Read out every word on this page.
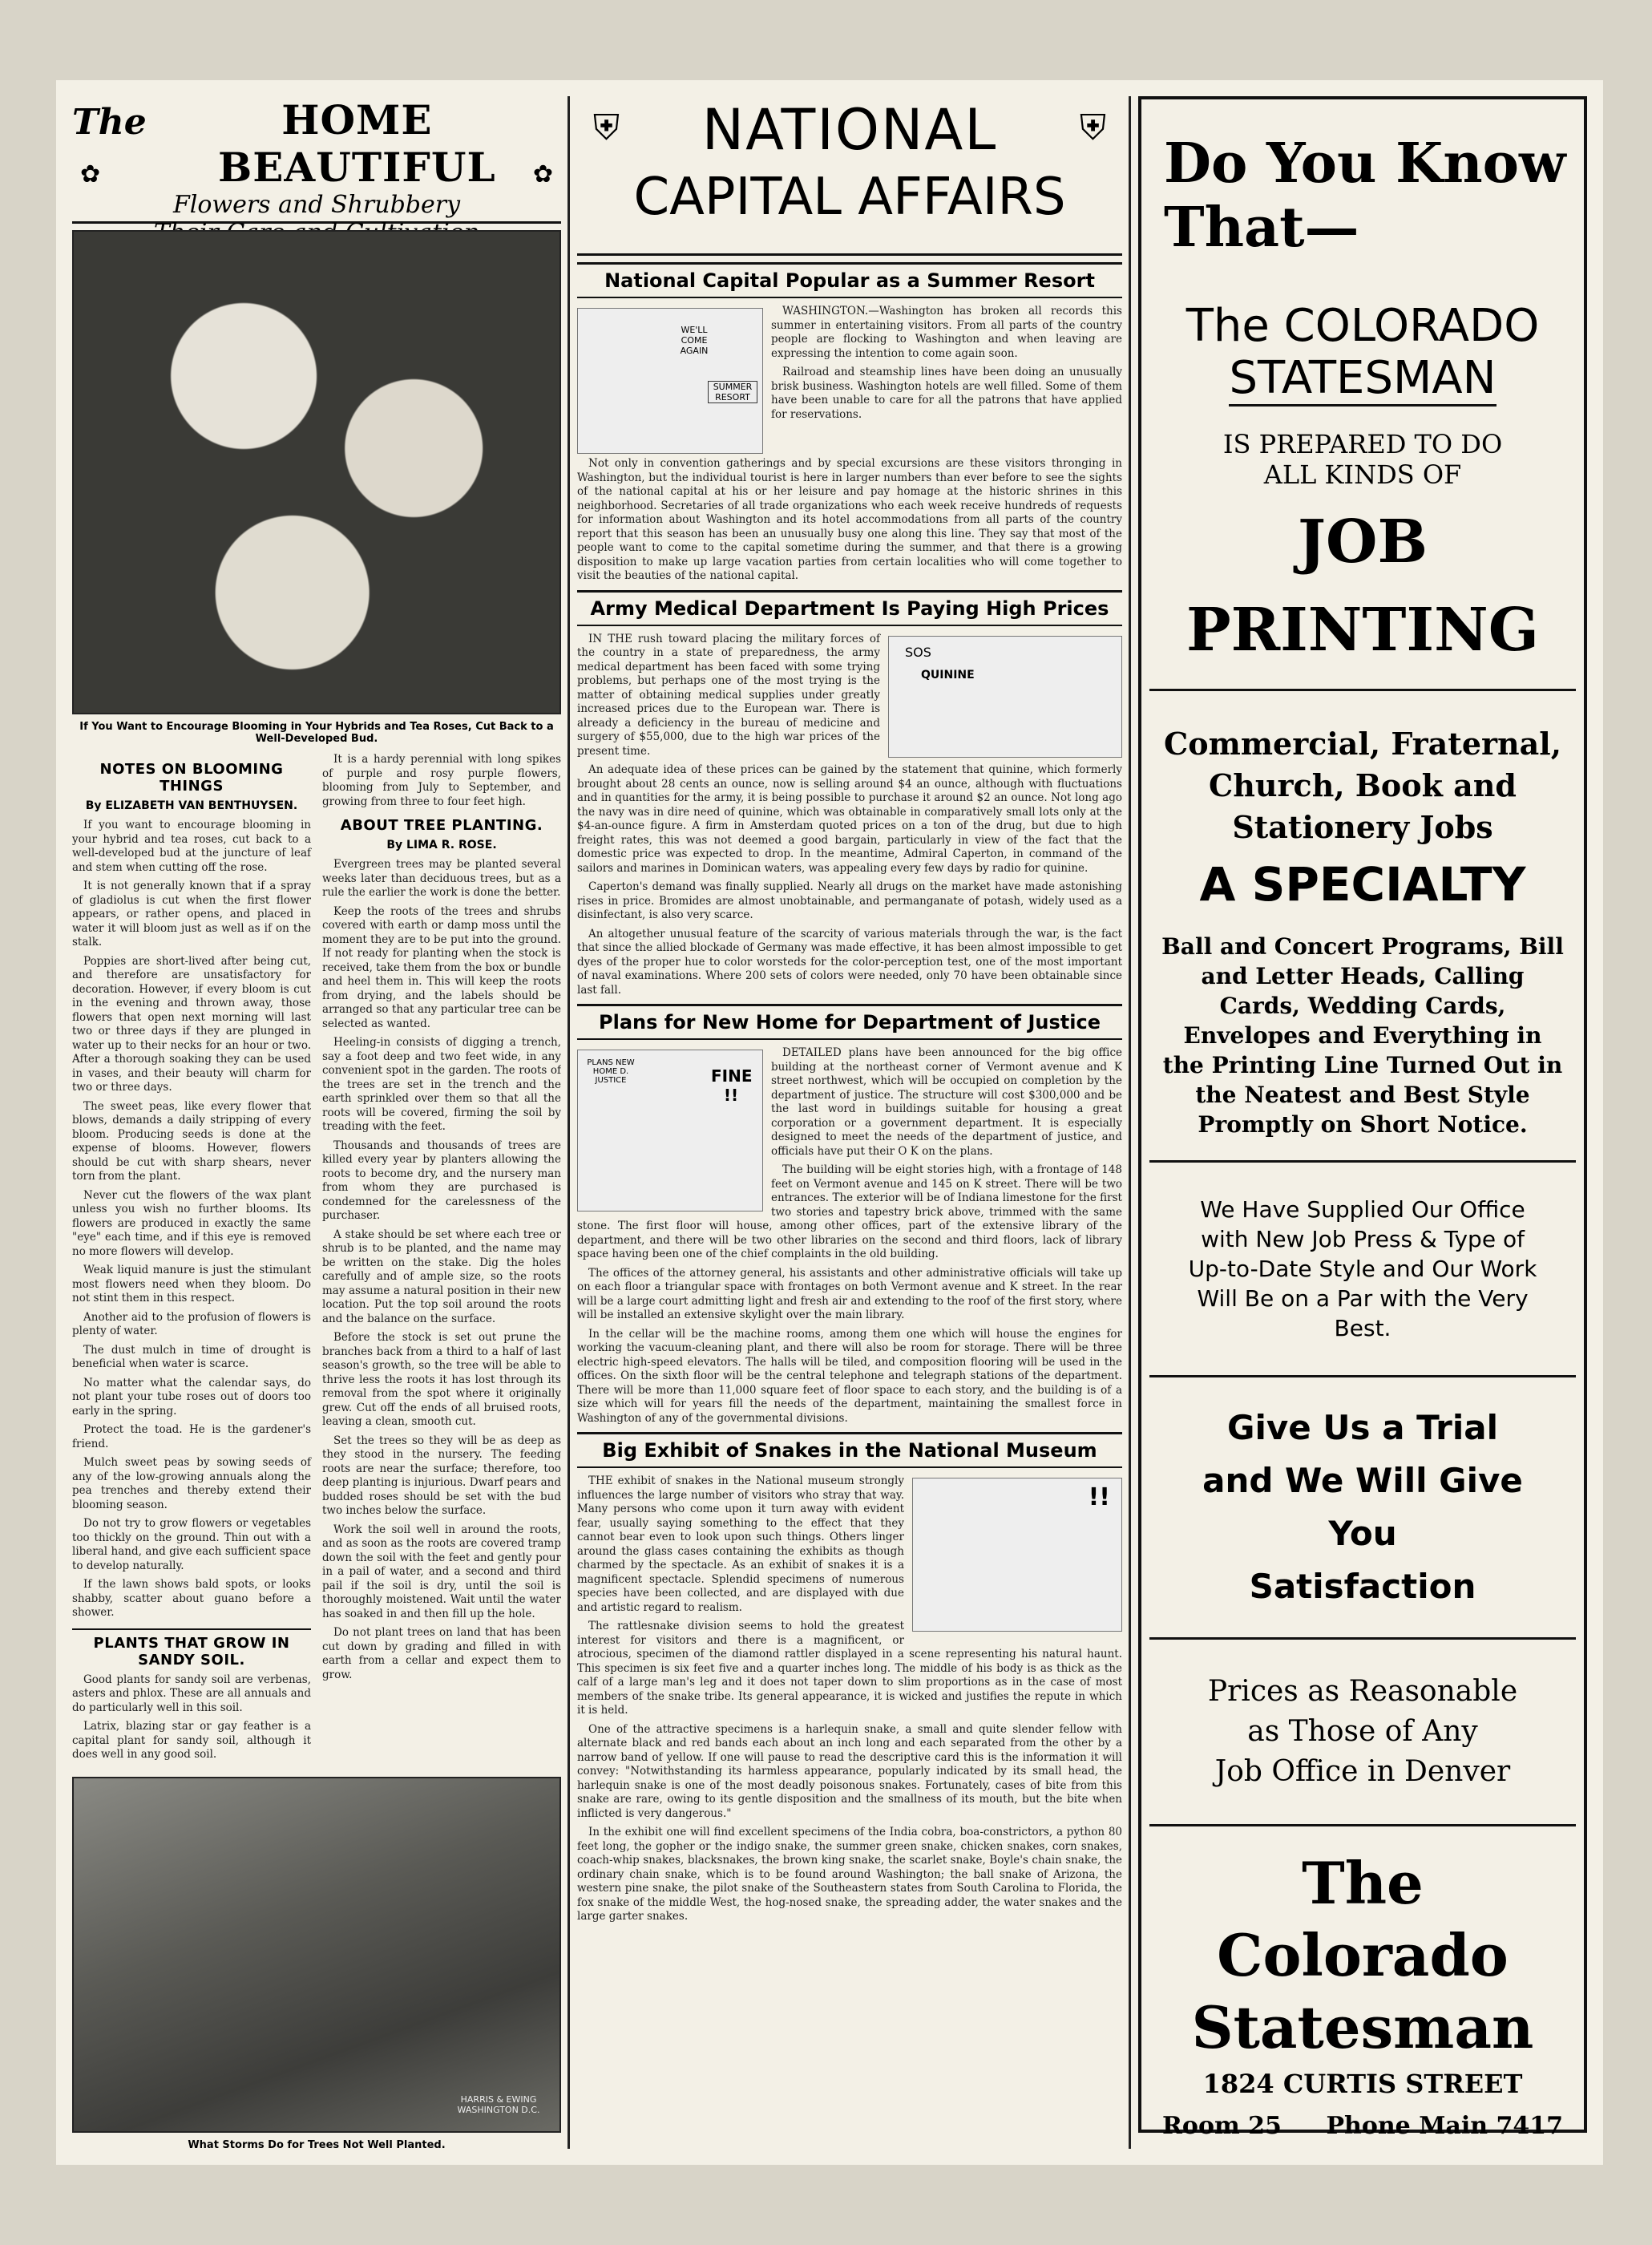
The	HOME BEAUTIFUL
Flowers and Shrubbery
✿	✿
If You Want to Encourage Blooming in Your Hybrids and Tea Roses, Cut Back to a Well-Developed Bud.
NOTES ON BLOOMING THINGS
By ELIZABETH VAN BENTHUYSEN.

If you want to encourage blooming in your hybrid and tea roses, cut back to a well-developed bud at the juncture of leaf and stem when cutting off the rose.

It is not generally known that if a spray of gladiolus is cut when the first flower appears, or rather opens, and placed in water it will bloom just as well as if on the stalk.

Poppies are short-lived after being cut, and therefore are unsatisfactory for decoration. However, if every bloom is cut in the evening and thrown away, those flowers that open next morning will last two or three days if they are plunged in water up to their necks for an hour or two. After a thorough soaking they can be used in vases, and their beauty will charm for two or three days.

The sweet peas, like every flower that blows, demands a daily stripping of every bloom. Producing seeds is done at the expense of blooms. However, flowers should be cut with sharp shears, never torn from the plant.

Never cut the flowers of the wax plant unless you wish no further blooms. Its flowers are produced in exactly the same "eye" each time, and if this eye is removed no more flowers will develop.

Weak liquid manure is just the stimulant most flowers need when they bloom. Do not stint them in this respect.

Another aid to the profusion of flowers is plenty of water.

The dust mulch in time of drought is beneficial when water is scarce.

No matter what the calendar says, do not plant your tube roses out of doors too early in the spring.

Protect the toad. He is the gardener's friend.

Mulch sweet peas by sowing seeds of any of the low-growing annuals along the pea trenches and thereby extend their blooming season.

Do not try to grow flowers or vegetables too thickly on the ground. Thin out with a liberal hand, and give each sufficient space to develop naturally.

If the lawn shows bald spots, or looks shabby, scatter about guano before a shower.

PLANTS THAT GROW IN SANDY SOIL.

Good plants for sandy soil are verbenas, asters and phlox. These are all annuals and do particularly well in this soil.

Latrix, blazing star or gay feather is a capital plant for sandy soil, although it does well in any good soil.

It is a hardy perennial with long spikes of purple and rosy purple flowers, blooming from July to September, and growing from three to four feet high.

ABOUT TREE PLANTING.
By LIMA R. ROSE.

Evergreen trees may be planted several weeks later than deciduous trees, but as a rule the earlier the work is done the better.

Keep the roots of the trees and shrubs covered with earth or damp moss until the moment they are to be put into the ground. If not ready for planting when the stock is received, take them from the box or bundle and heel them in. This will keep the roots from drying, and the labels should be arranged so that any particular tree can be selected as wanted.

Heeling-in consists of digging a trench, say a foot deep and two feet wide, in any convenient spot in the garden. The roots of the trees are set in the trench and the earth sprinkled over them so that all the roots will be covered, firming the soil by treading with the feet.

Thousands and thousands of trees are killed every year by planters allowing the roots to become dry, and the nursery man from whom they are purchased is condemned for the carelessness of the purchaser.

A stake should be set where each tree or shrub is to be planted, and the name may be written on the stake. Dig the holes carefully and of ample size, so the roots may assume a natural position in their new location. Put the top soil around the roots and the balance on the surface.

Before the stock is set out prune the branches back from a third to a half of last season's growth, so the tree will be able to thrive less the roots it has lost through its removal from the spot where it originally grew. Cut off the ends of all bruised roots, leaving a clean, smooth cut.

Set the trees so they will be as deep as they stood in the nursery. The feeding roots are near the surface; therefore, too deep planting is injurious. Dwarf pears and budded roses should be set with the bud two inches below the surface.

Work the soil well in around the roots, and as soon as the roots are covered tramp down the soil with the feet and gently pour in a pail of water, and a second and third pail if the soil is dry, until the soil is thoroughly moistened. Wait until the water has soaked in and then fill up the hole.

Do not plant trees on land that has been cut down by grading and filled in with earth from a cellar and expect them to grow.

HARRIS & EWING WASHINGTON D.C.
What Storms Do for Trees Not Well Planted.
⛨	⛨
NATIONAL
CAPITAL AFFAIRS
National Capital Popular as a Summer Resort
WE'LL COME AGAIN
SUMMER RESORT

WASHINGTON.—Washington has broken all records this summer in entertaining visitors. From all parts of the country people are flocking to Washington and when leaving are expressing the intention to come again soon.

Railroad and steamship lines have been doing an unusually brisk business. Washington hotels are well filled. Some of them have been unable to care for all the patrons that have applied for reservations.

Not only in convention gatherings and by special excursions are these visitors thronging in Washington, but the individual tourist is here in larger numbers than ever before to see the sights of the national capital at his or her leisure and pay homage at the historic shrines in this neighborhood. Secretaries of all trade organizations who each week receive hundreds of requests for information about Washington and its hotel accommodations from all parts of the country report that this season has been an unusually busy one along this line. They say that most of the people want to come to the capital sometime during the summer, and that there is a growing disposition to make up large vacation parties from certain localities who will come together to visit the beauties of the national capital.

Army Medical Department Is Paying High Prices
SOS
QUININE

IN THE rush toward placing the military forces of the country in a state of preparedness, the army medical department has been faced with some trying problems, but perhaps one of the most trying is the matter of obtaining medical supplies under greatly increased prices due to the European war. There is already a deficiency in the bureau of medicine and surgery of $55,000, due to the high war prices of the present time.

An adequate idea of these prices can be gained by the statement that quinine, which formerly brought about 28 cents an ounce, now is selling around $4 an ounce, although with fluctuations and in quantities for the army, it is being possible to purchase it around $2 an ounce. Not long ago the navy was in dire need of quinine, which was obtainable in comparatively small lots only at the $4-an-ounce figure. A firm in Amsterdam quoted prices on a ton of the drug, but due to high freight rates, this was not deemed a good bargain, particularly in view of the fact that the domestic price was expected to drop. In the meantime, Admiral Caperton, in command of the sailors and marines in Dominican waters, was appealing every few days by radio for quinine.

Caperton's demand was finally supplied. Nearly all drugs on the market have made astonishing rises in price. Bromides are almost unobtainable, and permanganate of potash, widely used as a disinfectant, is also very scarce.

An altogether unusual feature of the scarcity of various materials through the war, is the fact that since the allied blockade of Germany was made effective, it has been almost impossible to get dyes of the proper hue to color worsteds for the color-perception test, one of the most important of naval examinations. Where 200 sets of colors were needed, only 70 have been obtainable since last fall.

Plans for New Home for Department of Justice
PLANS NEW HOME D. JUSTICE	FINE !!

DETAILED plans have been announced for the big office building at the northeast corner of Vermont avenue and K street northwest, which will be occupied on completion by the department of justice. The structure will cost $300,000 and be the last word in buildings suitable for housing a great corporation or a government department. It is especially designed to meet the needs of the department of justice, and officials have put their O K on the plans.

The building will be eight stories high, with a frontage of 148 feet on Vermont avenue and 145 on K street. There will be two entrances. The exterior will be of Indiana limestone for the first two stories and tapestry brick above, trimmed with the same stone. The first floor will house, among other offices, part of the extensive library of the department, and there will be two other libraries on the second and third floors, lack of library space having been one of the chief complaints in the old building.

The offices of the attorney general, his assistants and other administrative officials will take up on each floor a triangular space with frontages on both Vermont avenue and K street. In the rear will be a large court admitting light and fresh air and extending to the roof of the first story, where will be installed an extensive skylight over the main library.

In the cellar will be the machine rooms, among them one which will house the engines for working the vacuum-cleaning plant, and there will also be room for storage. There will be three electric high-speed elevators. The halls will be tiled, and composition flooring will be used in the offices. On the sixth floor will be the central telephone and telegraph stations of the department. There will be more than 11,000 square feet of floor space to each story, and the building is of a size which will for years fill the needs of the department, maintaining the smallest force in Washington of any of the governmental divisions.

Big Exhibit of Snakes in the National Museum
!!

THE exhibit of snakes in the National museum strongly influences the large number of visitors who stray that way. Many persons who come upon it turn away with evident fear, usually saying something to the effect that they cannot bear even to look upon such things. Others linger around the glass cases containing the exhibits as though charmed by the spectacle. As an exhibit of snakes it is a magnificent spectacle. Splendid specimens of numerous species have been collected, and are displayed with due and artistic regard to realism.

The rattlesnake division seems to hold the greatest interest for visitors and there is a magnificent, or atrocious, specimen of the diamond rattler displayed in a scene representing his natural haunt. This specimen is six feet five and a quarter inches long. The middle of his body is as thick as the calf of a large man's leg and it does not taper down to slim proportions as in the case of most members of the snake tribe. Its general appearance, it is wicked and justifies the repute in which it is held.

One of the attractive specimens is a harlequin snake, a small and quite slender fellow with alternate black and red bands each about an inch long and each separated from the other by a narrow band of yellow. If one will pause to read the descriptive card this is the information it will convey: "Notwithstanding its harmless appearance, popularly indicated by its small head, the harlequin snake is one of the most deadly poisonous snakes. Fortunately, cases of bite from this snake are rare, owing to its gentle disposition and the smallness of its mouth, but the bite when inflicted is very dangerous."

In the exhibit one will find excellent specimens of the India cobra, boa-constrictors, a python 80 feet long, the gopher or the indigo snake, the summer green snake, chicken snakes, corn snakes, coach-whip snakes, blacksnakes, the brown king snake, the scarlet snake, Boyle's chain snake, the ordinary chain snake, which is to be found around Washington; the ball snake of Arizona, the western pine snake, the pilot snake of the Southeastern states from South Carolina to Florida, the fox snake of the middle West, the hog-nosed snake, the spreading adder, the water snakes and the large garter snakes.

Do You Know
That—
The COLORADO
STATESMAN
IS PREPARED TO DO
ALL KINDS OF
JOB PRINTING
Commercial, Fraternal,
Church, Book and
Stationery Jobs
A SPECIALTY
Ball and Concert Programs, Bill and Letter Heads, Calling Cards, Wedding Cards, Envelopes and Everything in the Printing Line Turned Out in the Neatest and Best Style Promptly on Short Notice.
We Have Supplied Our Office with New Job Press & Type of Up-to-Date Style and Our Work Will Be on a Par with the Very Best.
Give Us a Trial
and We Will Give
You
Satisfaction
Prices as Reasonable
as Those of Any
Job Office in Denver
The Colorado
Statesman
1824 CURTIS STREET
Room 25 Phone Main 7417
